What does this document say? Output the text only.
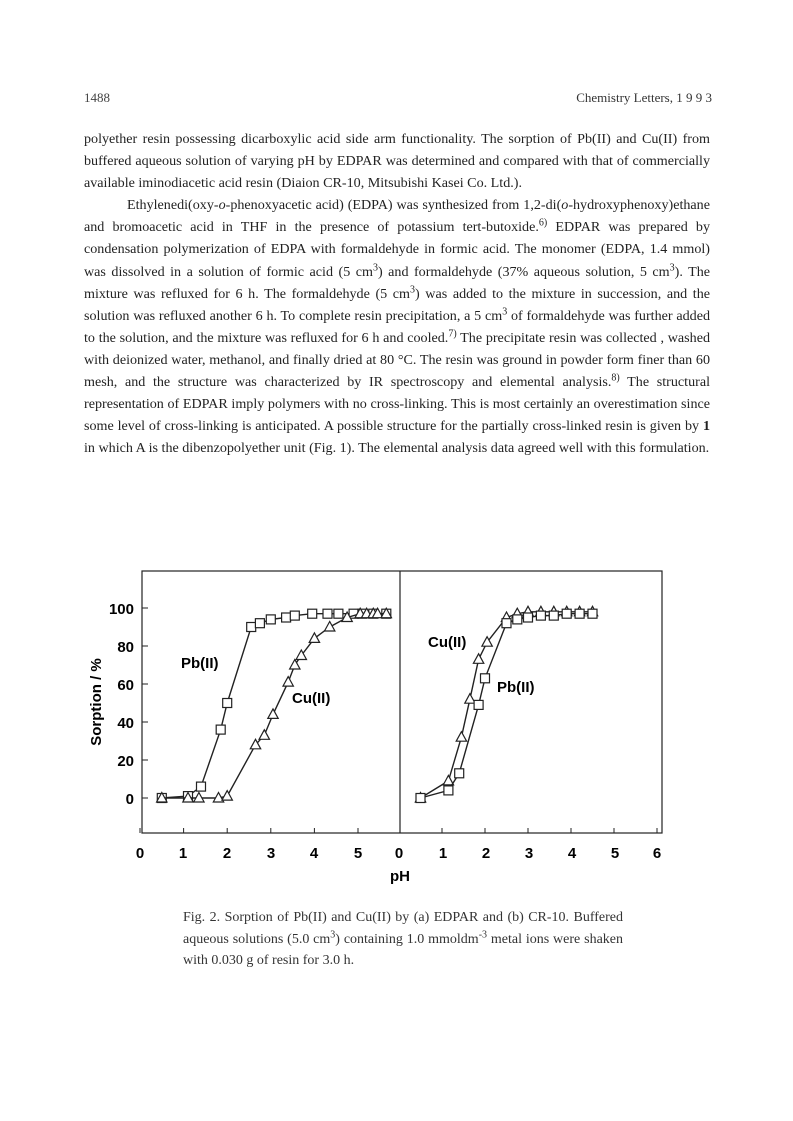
1488	Chemistry Letters, 1 9 9 3

polyether resin possessing dicarboxylic acid side arm functionality. The sorption of Pb(II) and Cu(II) from buffered aqueous solution of varying pH by EDPAR was determined and compared with that of commercially available iminodiacetic acid resin (Diaion CR-10, Mitsubishi Kasei Co. Ltd.).

Ethylenedi(oxy-o-phenoxyacetic acid) (EDPA) was synthesized from 1,2-di(o-hydroxyphenoxy)ethane and bromoacetic acid in THF in the presence of potassium tert-butoxide.$^{6)}$ EDPAR was prepared by condensation polymerization of EDPA with formaldehyde in formic acid. The monomer (EDPA, 1.4 mmol) was dissolved in a solution of formic acid (5 $cm^3$) and formaldehyde (37% aqueous solution, 5 $cm^3$). The mixture was refluxed for 6 h. The formaldehyde (5 $cm^3$) was added to the mixture in succession, and the solution was refluxed another 6 h. To complete resin precipitation, a 5 $cm^3$ of formaldehyde was further added to the solution, and the mixture was refluxed for 6 h and cooled.$^{7)}$ The precipitate resin was collected , washed with deionized water, methanol, and finally dried at 80 °C. The resin was ground in powder form finer than 60 mesh, and the structure was characterized by IR spectroscopy and elemental analysis.$^{8)}$ The structural representation of EDPAR imply polymers with no cross-linking. This is most certainly an overestimation since some level of cross-linking is anticipated. A possible structure for the partially cross-linked resin is given by 1 in which A is the dibenzopolyether unit (Fig. 1). The elemental analysis data agreed well with this formulation.

100
80
60
40
20
0
Sorption / %
0 1 2 3 4 5 0 1 2 3 4 5 6
pH
Pb(II)
Cu(II)
Cu(II)
Pb(II)
Fig. 2. Sorption of Pb(II) and Cu(II) by (a) EDPAR and (b) CR-10. Buffered aqueous solutions (5.0 $cm^3$) containing 1.0 mmoldm$^{-3}$ metal ions were shaken with 0.030 g of resin for 3.0 h.
